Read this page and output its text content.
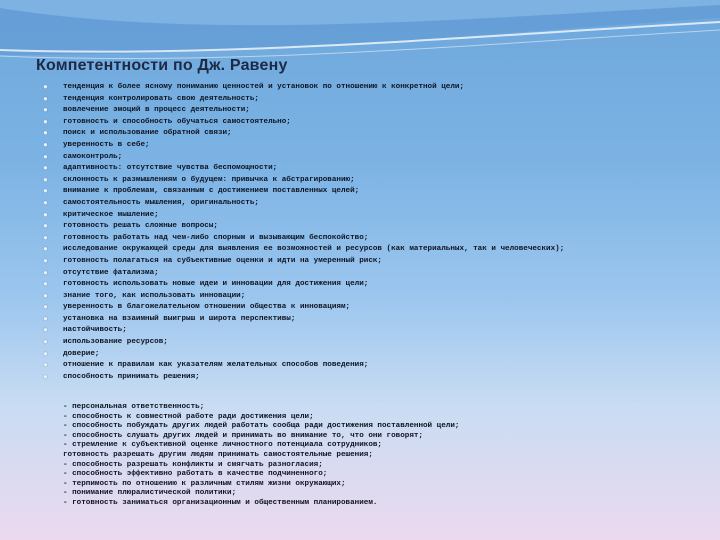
Компетентности по Дж. Равену
● тенденция к более ясному пониманию ценностей и установок по отношению к конкретной цели;
● тенденция контролировать свою деятельность;
● вовлечение эмоций в процесс деятельности;
● готовность и способность обучаться самостоятельно;
● поиск и использование обратной связи;
● уверенность в себе;
● самоконтроль;
● адаптивность: отсутствие чувства беспомощности;
● склонность к размышлениям о будущем: привычка к абстрагированию;
● внимание к проблемам, связанным с достижением поставленных целей;
● самостоятельность мышления, оригинальность;
● критическое мышление;
● готовность решать сложные вопросы;
● готовность работать над чем-либо спорным и вызывающим беспокойство;
● исследование окружающей среды для выявления ее возможностей и ресурсов (как материальных, так и человеческих);
● готовность полагаться на субъективные оценки и идти на умеренный риск;
● отсутствие фатализма;
● готовность использовать новые идеи и инновации для достижения цели;
● знание того, как использовать инновации;
● уверенность в благожелательном отношении общества к инновациям;
● установка на взаимный выигрыш и широта перспективы;
● настойчивость;
● использование ресурсов;
● доверие;
● отношение к правилам как указателям желательных способов поведения;
● способность принимать решения;
- персональная ответственность;
- способность к совместной работе ради достижения цели;
- способность побуждать других людей работать сообща ради достижения поставленной цели;
- способность слушать других людей и принимать во внимание то, что они говорят;
- стремление к субъективной оценке личностного потенциала сотрудников;
готовность разрешать другим людям принимать самостоятельные решения;
- способность разрешать конфликты и смягчать разногласия;
- способность эффективно работать в качестве подчиненного;
- терпимость по отношению к различным стилям жизни окружающих;
- понимание плюралистической политики;
- готовность заниматься организационным и общественным планированием.
